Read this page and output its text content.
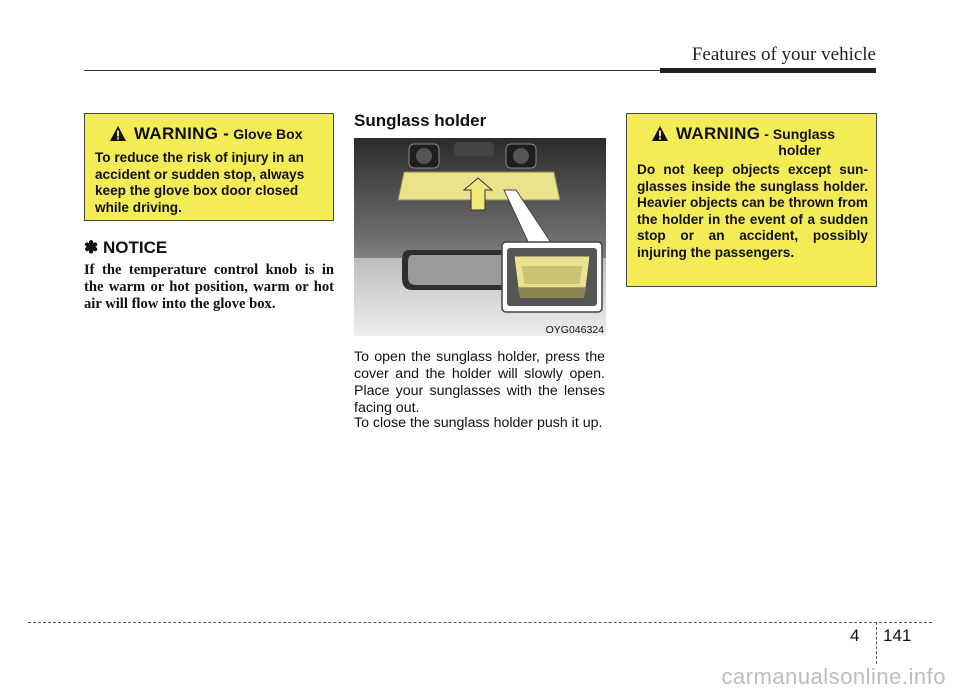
Features of your vehicle
WARNING - Glove Box
To reduce the risk of injury in an
accident or sudden stop, always
keep the glove box door closed
while driving.
✽ NOTICE
If the temperature control knob is in the warm or hot position, warm or hot air will flow into the glove box.
Sunglass holder
OYG046324
To open the sunglass holder, press the cover and the holder will slowly open. Place your sunglasses with the lenses facing out.
To close the sunglass holder push it up.
WARNING - Sunglass
holder
Do not keep objects except sun-glasses inside the sunglass holder. Heavier objects can be thrown from the holder in the event of a sudden stop or an accident, possibly injuring the passengers.
4 141
carmanualsonline.info
